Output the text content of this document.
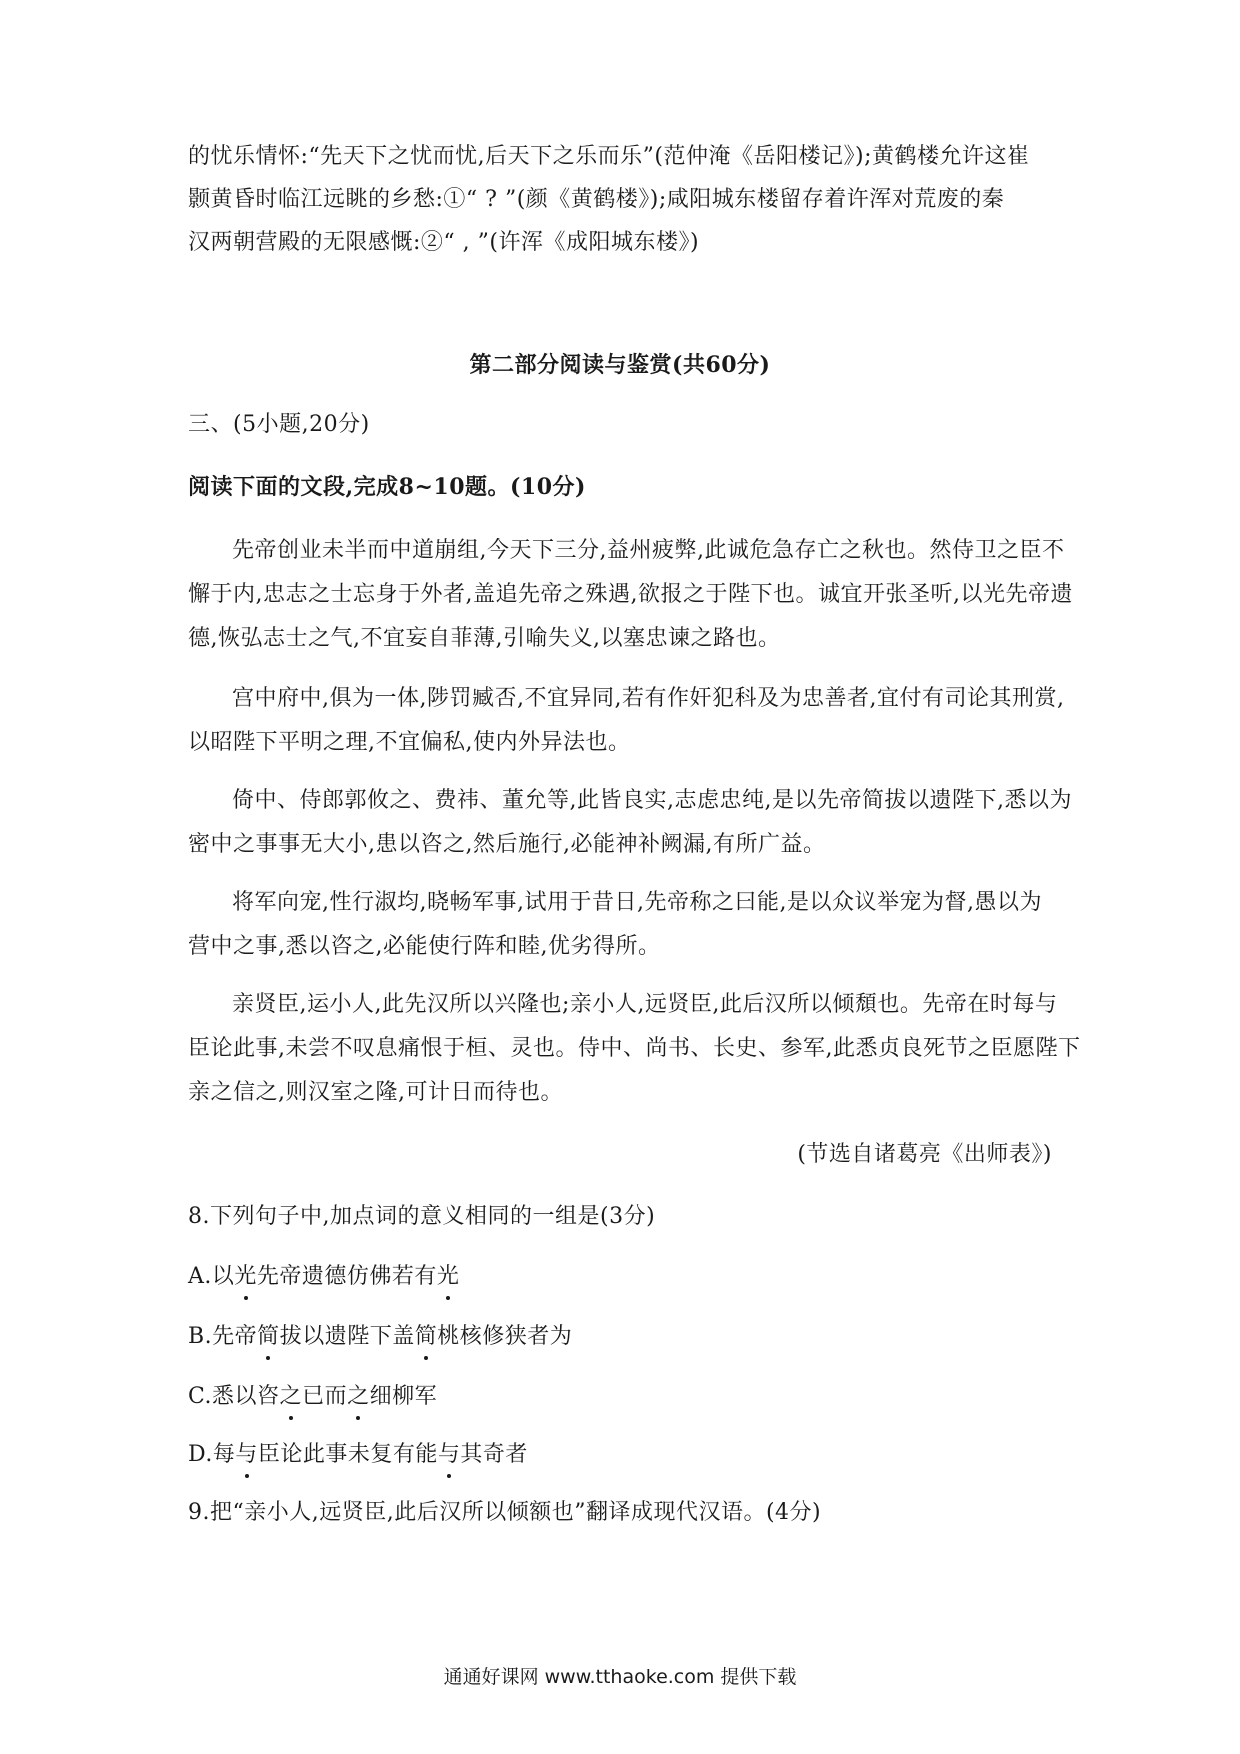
的忧乐情怀:“先天下之忧而忧,后天下之乐而乐”(范仲淹《岳阳楼记》);黄鹤楼允许这崔
颢黄昏时临江远眺的乡愁:①“ ? ”(颜《黄鹤楼》);咸阳城东楼留存着许浑对荒废的秦
汉两朝营殿的无限感慨:②“ , ”(许浑《成阳城东楼》)
第二部分阅读与鉴赏(共60分)
三、(5小题,20分)
阅读下面的文段,完成8~10题。(10分)
先帝创业未半而中道崩组,今天下三分,益州疲弊,此诚危急存亡之秋也。然侍卫之臣不
懈于内,忠志之士忘身于外者,盖追先帝之殊遇,欲报之于陛下也。诚宜开张圣听,以光先帝遗
德,恢弘志士之气,不宜妄自菲薄,引喻失义,以塞忠谏之路也。
宫中府中,俱为一体,陟罚臧否,不宜异同,若有作奸犯科及为忠善者,宜付有司论其刑赏,
以昭陛下平明之理,不宜偏私,使内外异法也。
倚中、侍郎郭攸之、费祎、董允等,此皆良实,志虑忠纯,是以先帝简拔以遗陛下,悉以为
密中之事事无大小,患以咨之,然后施行,必能神补阙漏,有所广益。
将军向宠,性行淑均,晓畅军事,试用于昔日,先帝称之曰能,是以众议举宠为督,愚以为
营中之事,悉以咨之,必能使行阵和睦,优劣得所。
亲贤臣,运小人,此先汉所以兴隆也;亲小人,远贤臣,此后汉所以倾頹也。先帝在时每与
臣论此事,未尝不叹息痛恨于桓、灵也。侍中、尚书、长史、参军,此悉贞良死节之臣愿陛下
亲之信之,则汉室之隆,可计日而待也。
(节选自诸葛亮《出师表》)
8.下列句子中,加点词的意义相同的一组是(3分)
A.以光先帝遗德仿佛若有光
B.先帝简拔以遗陛下盖简桃核修狭者为
C.悉以咨之已而之细柳军
D.每与臣论此事未复有能与其奇者
9.把“亲小人,远贤臣,此后汉所以倾额也”翻译成现代汉语。(4分)
通通好课网 www.tthaoke.com 提供下载
